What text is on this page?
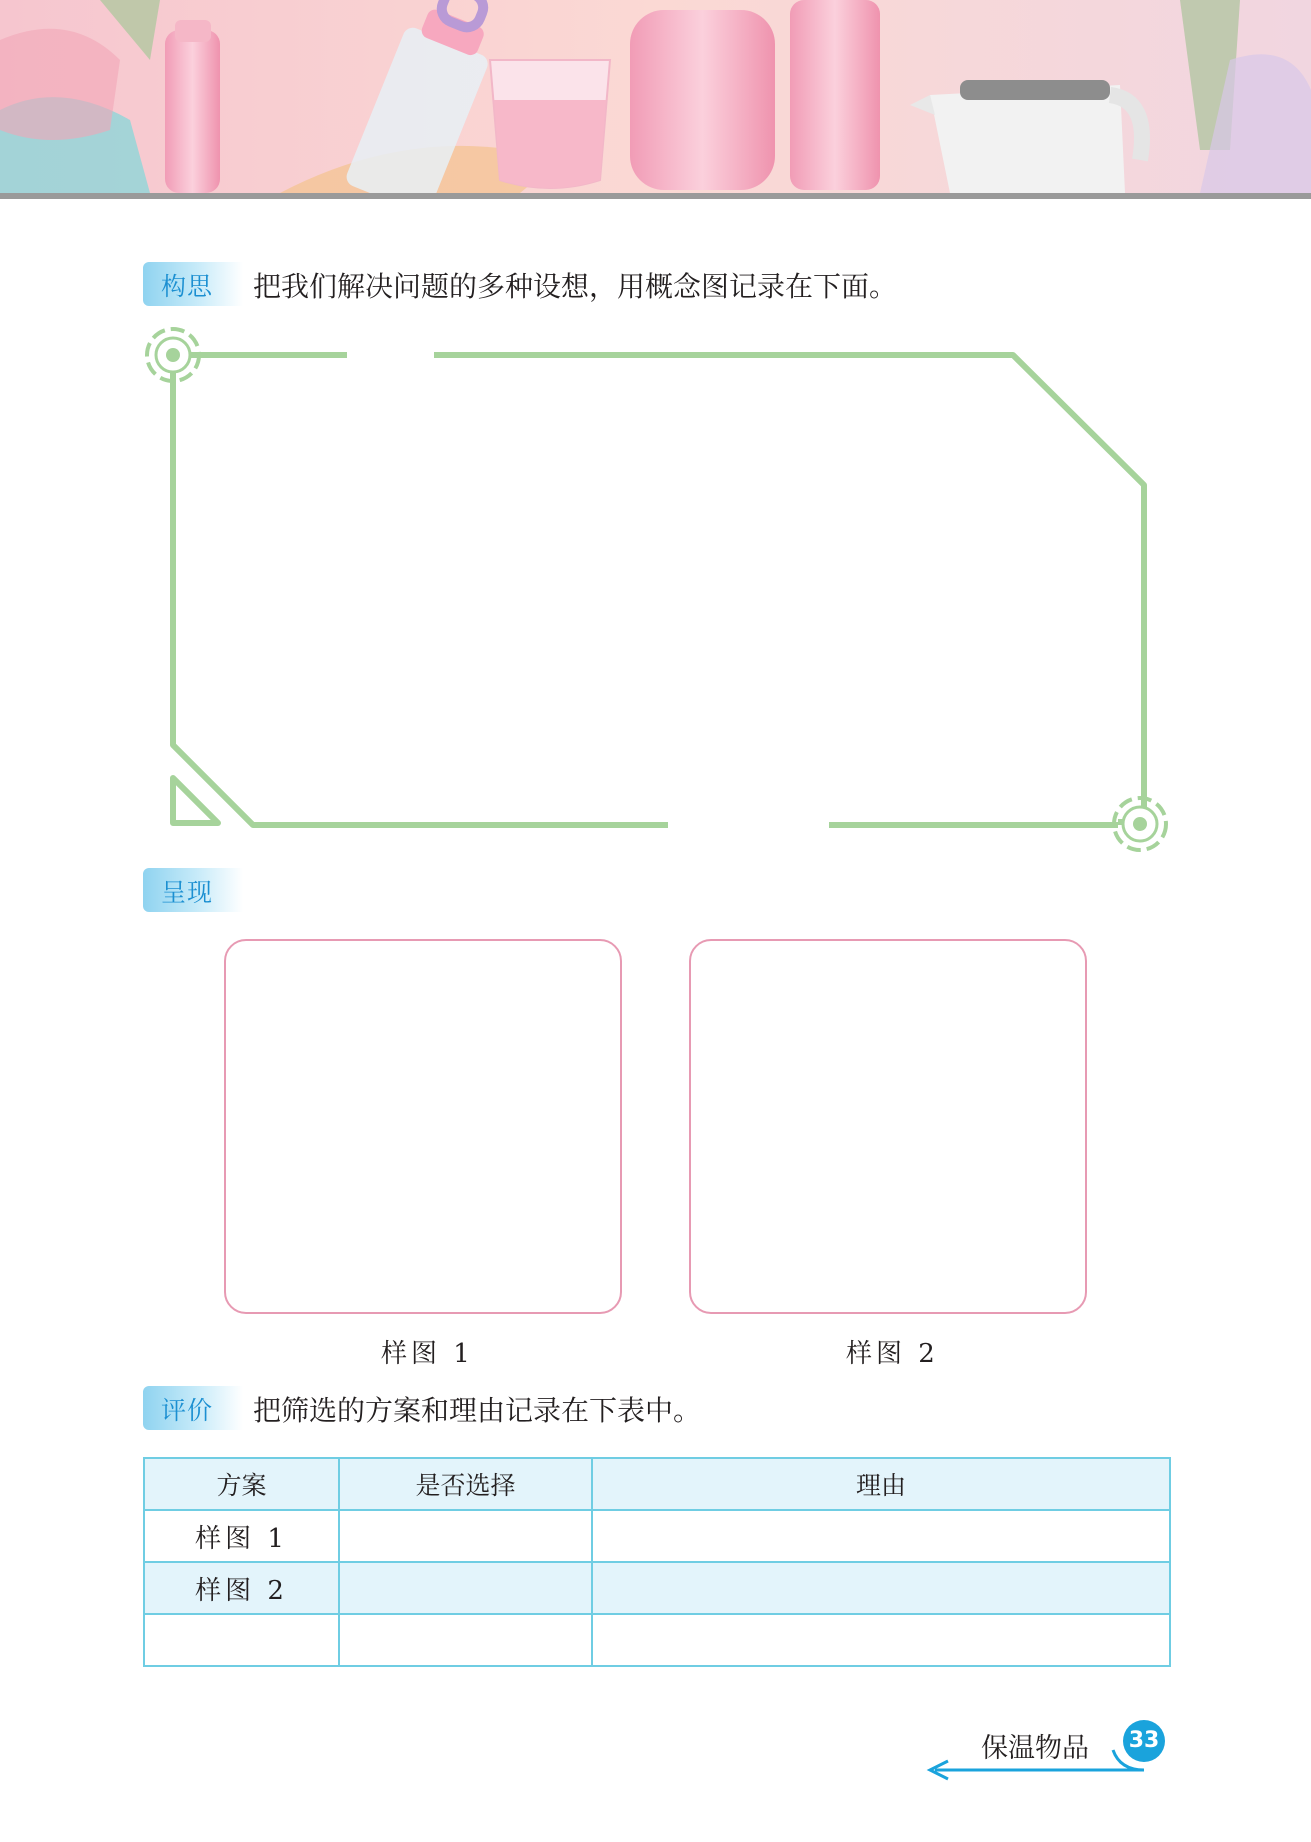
构思 把我们解决问题的多种设想，用概念图记录在下面。
呈现
样图 1	样图 2
评价 把筛选的方案和理由记录在下表中。
方案	是否选择	理由
样图 1		
样图 2		

保温物品 33
